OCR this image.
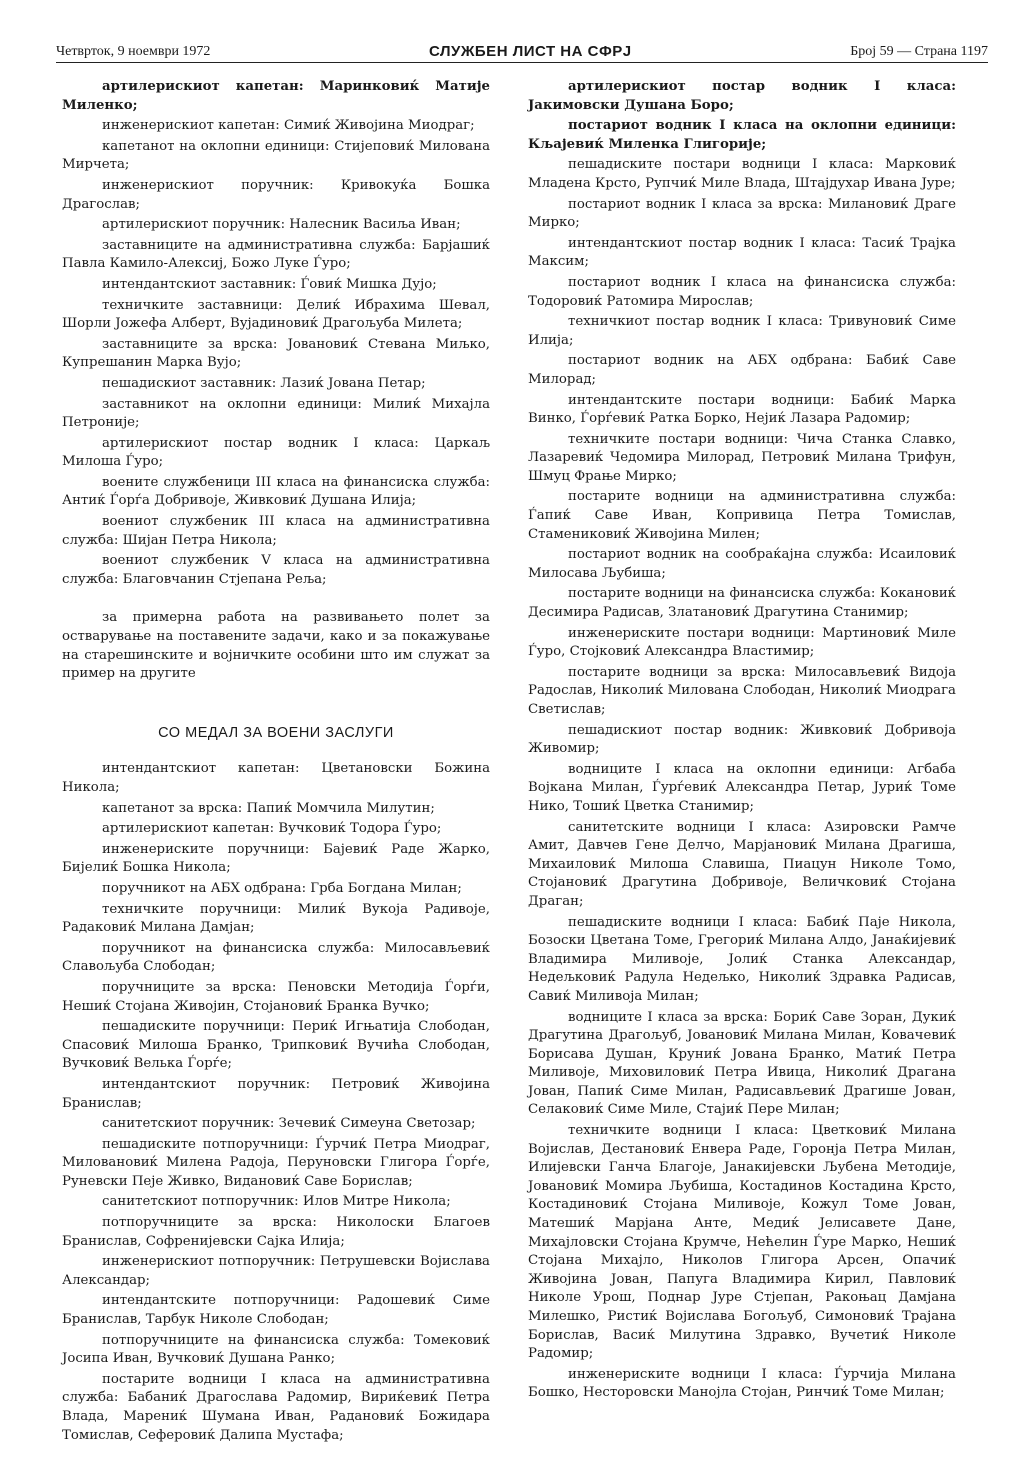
Четврток, 9 ноември 1972	СЛУЖБЕН ЛИСТ НА СФРЈ	Број 59 — Страна 1197

артилерискиот капетан: Маринковиќ Матије Миленко;

инженерискиот капетан: Симиќ Живојина Миодраг;

капетанот на оклопни единици: Стијеповиќ Милована Мирчета;

инженерискиот поручник: Кривокуќа Бошка Драгослав;

артилерискиот поручник: Налесник Васиља Иван;

заставниците на административна служба: Барјашиќ Павла Камило-Алексиј, Божо Луке Ѓуро;

интендантскиот заставник: Ѓовиќ Мишка Дујо;

техничките заставници: Делиќ Ибрахима Шевал, Шорли Јожефа Алберт, Вујадиновиќ Драгољуба Милета;

заставниците за врска: Јовановиќ Стевана Миљко, Купрешанин Марка Вујо;

пешадискиот заставник: Лазиќ Јована Петар;

заставникот на оклопни единици: Милиќ Михајла Петроније;

артилерискиот постар водник I класа: Царкаљ Милоша Ѓуро;

воените службеници III класа на финансиска служба: Антиќ Ѓорѓа Добривоје, Живковиќ Душана Илија;

воениот службеник III класа на административна служба: Шијан Петра Никола;

воениот службеник V класа на административна служба: Благовчанин Стјепана Рељa;

за примерна работа на развивањето полет за остварување на поставените задачи, како и за покажување на старешинските и војничките особини што им служат за пример на другите

СО МЕДАЛ ЗА ВОЕНИ ЗАСЛУГИ

интендантскиот капетан: Цветановски Божина Никола;

капетанот за врска: Папиќ Момчила Милутин;

артилерискиот капетан: Вучковиќ Тодора Ѓуро;

инженериските поручници: Бајевиќ Раде Жарко, Бијелиќ Бошка Никола;

поручникот на АБХ одбрана: Грба Богдана Милан;

техничките поручници: Милиќ Вукоја Радивоје, Радаковиќ Милана Дамјан;

поручникот на финансиска служба: Милосављевиќ Славољуба Слободан;

поручниците за врска: Пеновски Методија Ѓорѓи, Нешиќ Стојана Живојин, Стојановиќ Бранка Вучко;

пешадиските поручници: Периќ Игњатија Слободан, Спасовиќ Милоша Бранко, Трипковиќ Вучића Слободан, Вучковиќ Велька Ѓорѓе;

интендантскиот поручник: Петровиќ Живојина Бранислав;

санитетскиот поручник: Зечевиќ Симеуна Светозар;

пешадиските потпоручници: Ѓурчиќ Петра Миодраг, Миловановиќ Милена Радоја, Перуновски Глигора Ѓорѓе, Руневски Пеје Живко, Видановиќ Саве Борислав;

санитетскиот потпоручник: Илов Митре Никола;

потпоручниците за врска: Николоски Благоев Бранислав, Софрениjевски Сајка Илија;

инженерискиот потпоручник: Петрушевски Војислава Александар;

интендантските потпоручници: Радошевиќ Симе Бранислав, Тарбук Николе Слободан;

потпоручниците на финансиска служба: Томековиќ Јосипа Иван, Вучковиќ Душана Ранко;

постарите водници I класа на административна служба: Бабаниќ Драгослава Радомир, Вириќевиќ Петра Влада, Марениќ Шумана Иван, Радановиќ Божидара Томислав, Сеферовиќ Далипа Мустафа;

артилерискиот постар водник I класа: Јакимовски Душана Боро;

постариот водник I класа на оклопни единици: Кљајевиќ Миленка Глигорије;

пешадиските постари водници I класа: Марковиќ Младена Крсто, Рупчиќ Миле Влада, Штајдухар Ивана Јуре;

постариот водник I класа за врска: Милановиќ Драге Мирко;

интендантскиот постар водник I класа: Тасиќ Трајка Максим;

постариот водник I класа на финансиска служба: Тодоровиќ Ратомира Мирослав;

техничкиот постар водник I класа: Тривуновиќ Симе Илија;

постариот водник на АБХ одбрана: Бабиќ Саве Милорад;

интендантските постари водници: Бабиќ Марка Винко, Ѓорѓевиќ Ратка Борко, Нејиќ Лазара Радомир;

техничките постари водници: Чича Станка Славко, Лазаревиќ Чедомира Милорад, Петровиќ Милана Трифун, Шмуц Фрање Мирко;

постарите водници на административна служба: Ѓапиќ Саве Иван, Копривица Петра Томислав, Стамениковиќ Живојина Милен;

постариот водник на сообраќајна служба: Исаиловиќ Милосава Љубиша;

постарите водници на финансиска служба: Кокановиќ Десимира Радисав, Златановиќ Драгутина Станимир;

инженериските постари водници: Мартиновиќ Миле Ѓуро, Стојковиќ Александра Властимир;

постарите водници за врска: Милосављевиќ Видоја Радослав, Николиќ Милована Слободан, Николиќ Миодрага Светислав;

пешадискиот постар водник: Живковиќ Добривоја Живомир;

водниците I класа на оклопни единици: Агбаба Војкана Милан, Ѓурѓевиќ Александра Петар, Јуриќ Томе Нико, Тошиќ Цветка Станимир;

санитетските водници I класа: Азировски Рамче Амит, Давчев Гене Делчо, Марјановиќ Милана Драгиша, Михаиловиќ Милоша Славиша, Пиацун Николе Томо, Стојановиќ Драгутина Добривоје, Величковиќ Стојана Драган;

пешадиските водници I класа: Бабиќ Пајe Никола, Бозоски Цветана Томе, Грегориќ Милана Алдо, Јанаќијевиќ Владимира Миливоје, Јолиќ Станка Александар, Недељковиќ Радула Недељко, Николиќ Здравка Радисав, Савиќ Миливоја Милан;

водниците I класа за врска: Бориќ Саве Зоран, Дукиќ Драгутина Драгољуб, Јовановиќ Милана Милан, Ковачевиќ Борисава Душан, Круниќ Јована Бранко, Матиќ Петра Миливоје, Миховиловиќ Петра Ивица, Николиќ Драгана Јован, Папиќ Симе Милан, Радисављевиќ Драгише Јован, Селаковиќ Симе Миле, Стајиќ Пере Милан;

техничките водници I класа: Цветковиќ Милана Војислав, Дестановиќ Енвера Раде, Горонја Петра Милан, Илијевски Ганча Благоје, Јанакијевски Љубена Методије, Јовановиќ Момира Љубиша, Костадинов Костадина Крсто, Костадиновиќ Стојана Миливоје, Кожул Томе Јован, Матешиќ Марјана Анте, Медиќ Јелисавете Дане, Михајловски Стојана Крумче, Нећелин Ѓуре Марко, Нешиќ Стојана Михајло, Николов Глигора Арсен, Опачиќ Живојина Јован, Папуга Владимира Кирил, Павловиќ Николе Урош, Поднар Јуре Стјепан, Ракоњац Дамјана Милешко, Ристиќ Војислава Богољуб, Симоновиќ Трајана Борислав, Васиќ Милутина Здравко, Вучетиќ Николе Радомир;

инженериските водници I класа: Ѓурчија Милана Бошко, Несторовски Манојла Стојан, Ринчиќ Томе Милан;
